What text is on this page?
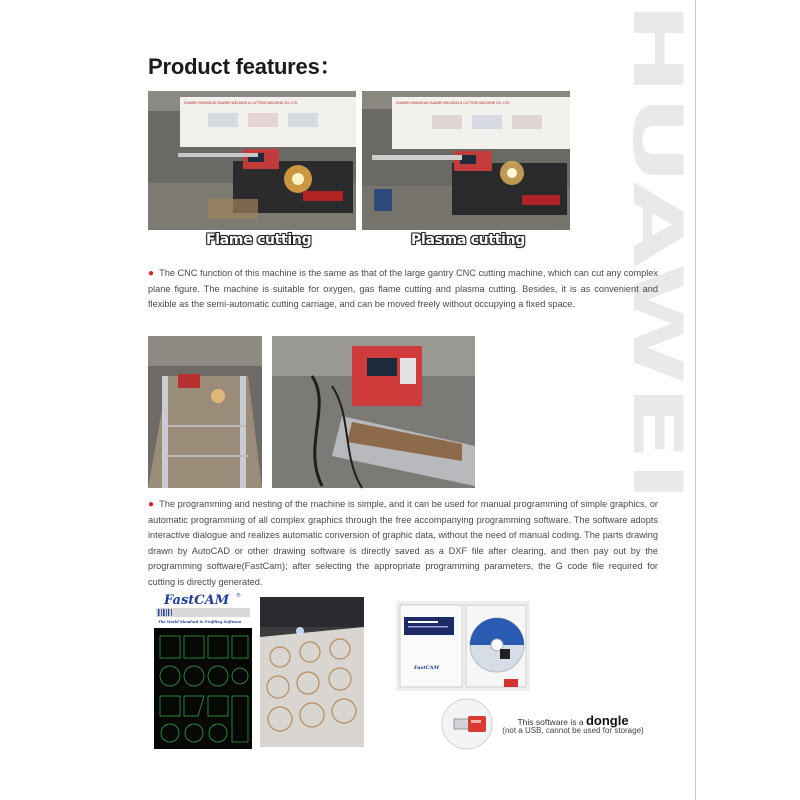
HUAWEI
Product features：
HUAWEI SHANGHAI HUAWEI WELDING & CUTTING MACHINE CO.,LTD.
Flame cutting
HUAWEI SHANGHAI HUAWEI WELDING & CUTTING MACHINE CO.,LTD.
Plasma cutting
● The CNC function of this machine is the same as that of the large gantry CNC cutting machine, which can cut any complex plane figure. The machine is suitable for oxygen, gas flame cutting and plasma cutting. Besides, it is as convenient and flexible as the semi-automatic cutting carriage, and can be moved freely without occupying a fixed space.
● The programming and nesting of the machine is simple, and it can be used for manual programming of simple graphics, or automatic programming of all complex graphics through the free accompanying programming software. The software adopts interactive dialogue and realizes automatic conversion of graphic data, without the need of manual coding. The parts drawing drawn by AutoCAD or other drawing software is directly saved as a DXF file after clearing, and then pay out by the programming software(FastCam); after selecting the appropriate programming parameters, the G code file required for cutting is directly generated.
FastCAM ®
The World Standard in Profiling Software
FastCAM
This software is a dongle
(not a USB, cannot be used for storage)
